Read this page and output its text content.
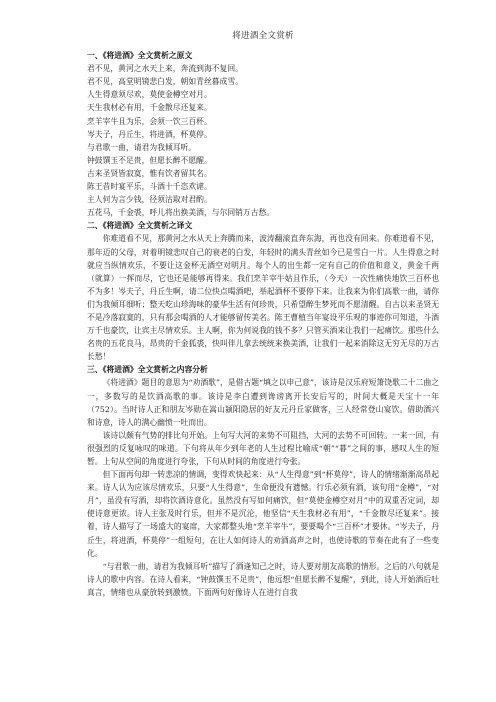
将进酒全文赏析

一、《将进酒》全文赏析之原文

君不见，黄河之水天上来，奔流到海不复回。

君不见，高堂明镜悲白发，朝如青丝暮成雪。

人生得意须尽欢，莫使金樽空对月。

天生我材必有用，千金散尽还复来。

烹羊宰牛且为乐，会须一饮三百杯。

岑夫子，丹丘生，将进酒，杯莫停。

与君歌一曲，请君为我倾耳听。

钟鼓馔玉不足贵，但愿长醉不愿醒。

古来圣贤皆寂寞，惟有饮者留其名。

陈王昔时宴平乐，斗酒十千恣欢谑。

主人何为言少钱，径须沽取对君酌。

五花马，千金裘，呼儿将出换美酒，与尔同销万古愁。

二、《将进酒》全文赏析之译文

你难道看不见，那黄河之水从天上奔腾而来，波涛翻滚直奔东海，再也没有回来。你难道看不见，那年迈的父母，对着明镜悲叹自己的衰老的白发，年轻时的满头青丝如今已是雪白一片。人生得意之时就应当纵情欢乐，不要让这金杯无酒空对明月。每个人的出生都一定有自己的价值和意义，黄金千两（就算）一挥而尽，它也还是能够再得来。我们烹羊宰牛姑且作乐，（今天）一次性痛快地饮三百杯也不为多！岑夫子，丹丘生啊，请二位快点喝酒吧，举起酒杯不要停下来。让我来为你们高歌一曲，请你们为我倾耳细听；整天吃山珍海味的豪华生活有何珍贵，只希望醉生梦死而不愿清醒。自古以来圣贤无不是冷落寂寞的，只有那会喝酒的人才能够留传美名。陈王曹植当年宴设平乐观的事迹你可知道，斗酒万千也豪饮，让宾主尽情欢乐。主人啊，你为何说我的钱不多？只管买酒来让我们一起痛饮。那些什么名贵的五花良马，昂贵的千金狐裘，快叫伴儿拿去统统来换美酒，让我们一起来消除这无穷无尽的万古长愁！

三、《将进酒》全文赏析之内容分析

《将进酒》题目的意思为“劝酒歌”，是借古题“填之以申己意”，该诗是汉乐府短箫饶歌二十二曲之一，多数写的是饮酒高歌的事。该诗是李白遭到谗谤离开长安后写的，时间大概是天宝十一年（752）。当时诗人正和朋友岑勋在嵩山颍阳隐居的好友元丹丘家做客，三人经常登山宴饮。借助酒兴和诗意，诗人的满心幽愤一吐而出。

该诗以颇有气势的排比句开始。上句写大河的来势不可阻挡，大河的去势不可回转。一来一回，有很强烈的反复咏叹的味道。下句将从年少到年老的人生过程比喻成“朝”“暮”之间的事，感叹人生的短暂。上句从空间的角度进行夸张，下句从时间的角度进行夸张。

但下面再句却一转悲凉的情调，变得欢快起来：从“人生得意”到“杯莫停”，诗人的情绪渐渐高昂起来。诗人认为应该尽情欢乐，只要“人生得意”，生命便没有遗憾。行乐必须有酒，该句用“金樽”，“对月”，虽没有写酒，却将饮酒诗意化。虽然没有写如何痛饮，但“莫使金樽空对月”中的双重否定词，却使诗意更浓。诗人主张及时行乐，但并不是沉沦，他坚信“天生我材必有用”，“千金散尽还复来”。接着，诗人描写了一场盛大的宴席，大家都整头地“烹羊宰牛”，要要喝个“三百杯”才要休。“岑夫子，丹丘生，将进酒，杯莫停”一组短句，在让人如何诗人的劝酒高声之时，也使诗歌的节奏在此有了一些变化。

“与君歌一曲，请君为我倾耳听”描写了酒逢知己之时，诗人要对朋友高歌的情形。之后的八句就是诗人的歌中内容。在诗人看来，“钟鼓馔玉不足贵”，他远想“但愿长醉不复醒”，到此，诗人开始酒后吐真言，情绪也从豪放转到激愤。下面两句好像诗人在进行自我
